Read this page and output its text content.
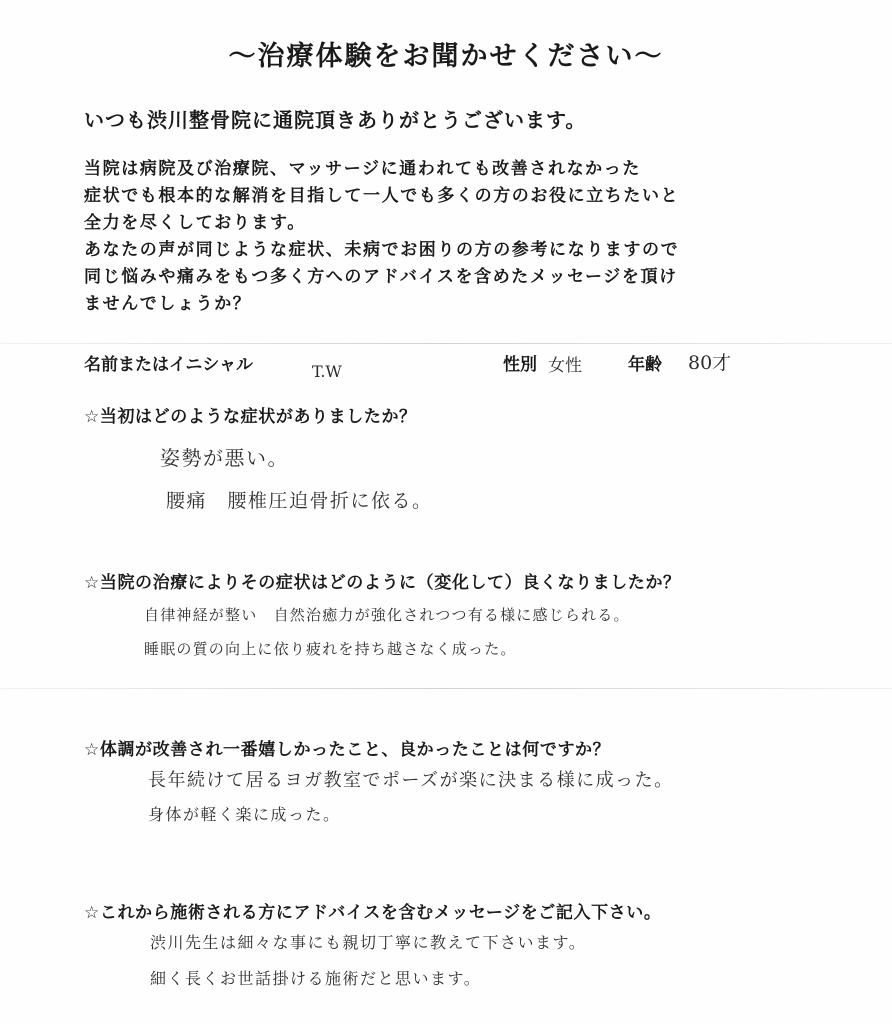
〜治療体験をお聞かせください〜
いつも渋川整骨院に通院頂きありがとうございます。
当院は病院及び治療院、マッサージに通われても改善されなかった
症状でも根本的な解消を目指して一人でも多くの方のお役に立ちたいと
全力を尽くしております。
あなたの声が同じような症状、未病でお困りの方の参考になりますので
同じ悩みや痛みをもつ多く方へのアドバイスを含めたメッセージを頂け
ませんでしょうか？
名前またはイニシャル	T.W	性別 女性	年齢 80才
☆当初はどのような症状がありましたか？
姿勢が悪い。
腰痛　腰椎圧迫骨折に依る。
☆当院の治療によりその症状はどのように（変化して）良くなりましたか？
自律神経が整い　自然治癒力が強化されつつ有る様に感じられる。
睡眠の質の向上に依り疲れを持ち越さなく成った。
☆体調が改善され一番嬉しかったこと、良かったことは何ですか？
長年続けて居るヨガ教室でポーズが楽に決まる様に成った。
身体が軽く楽に成った。
☆これから施術される方にアドバイスを含むメッセージをご記入下さい。
渋川先生は細々な事にも親切丁寧に教えて下さいます。
細く長くお世話掛ける施術だと思います。
